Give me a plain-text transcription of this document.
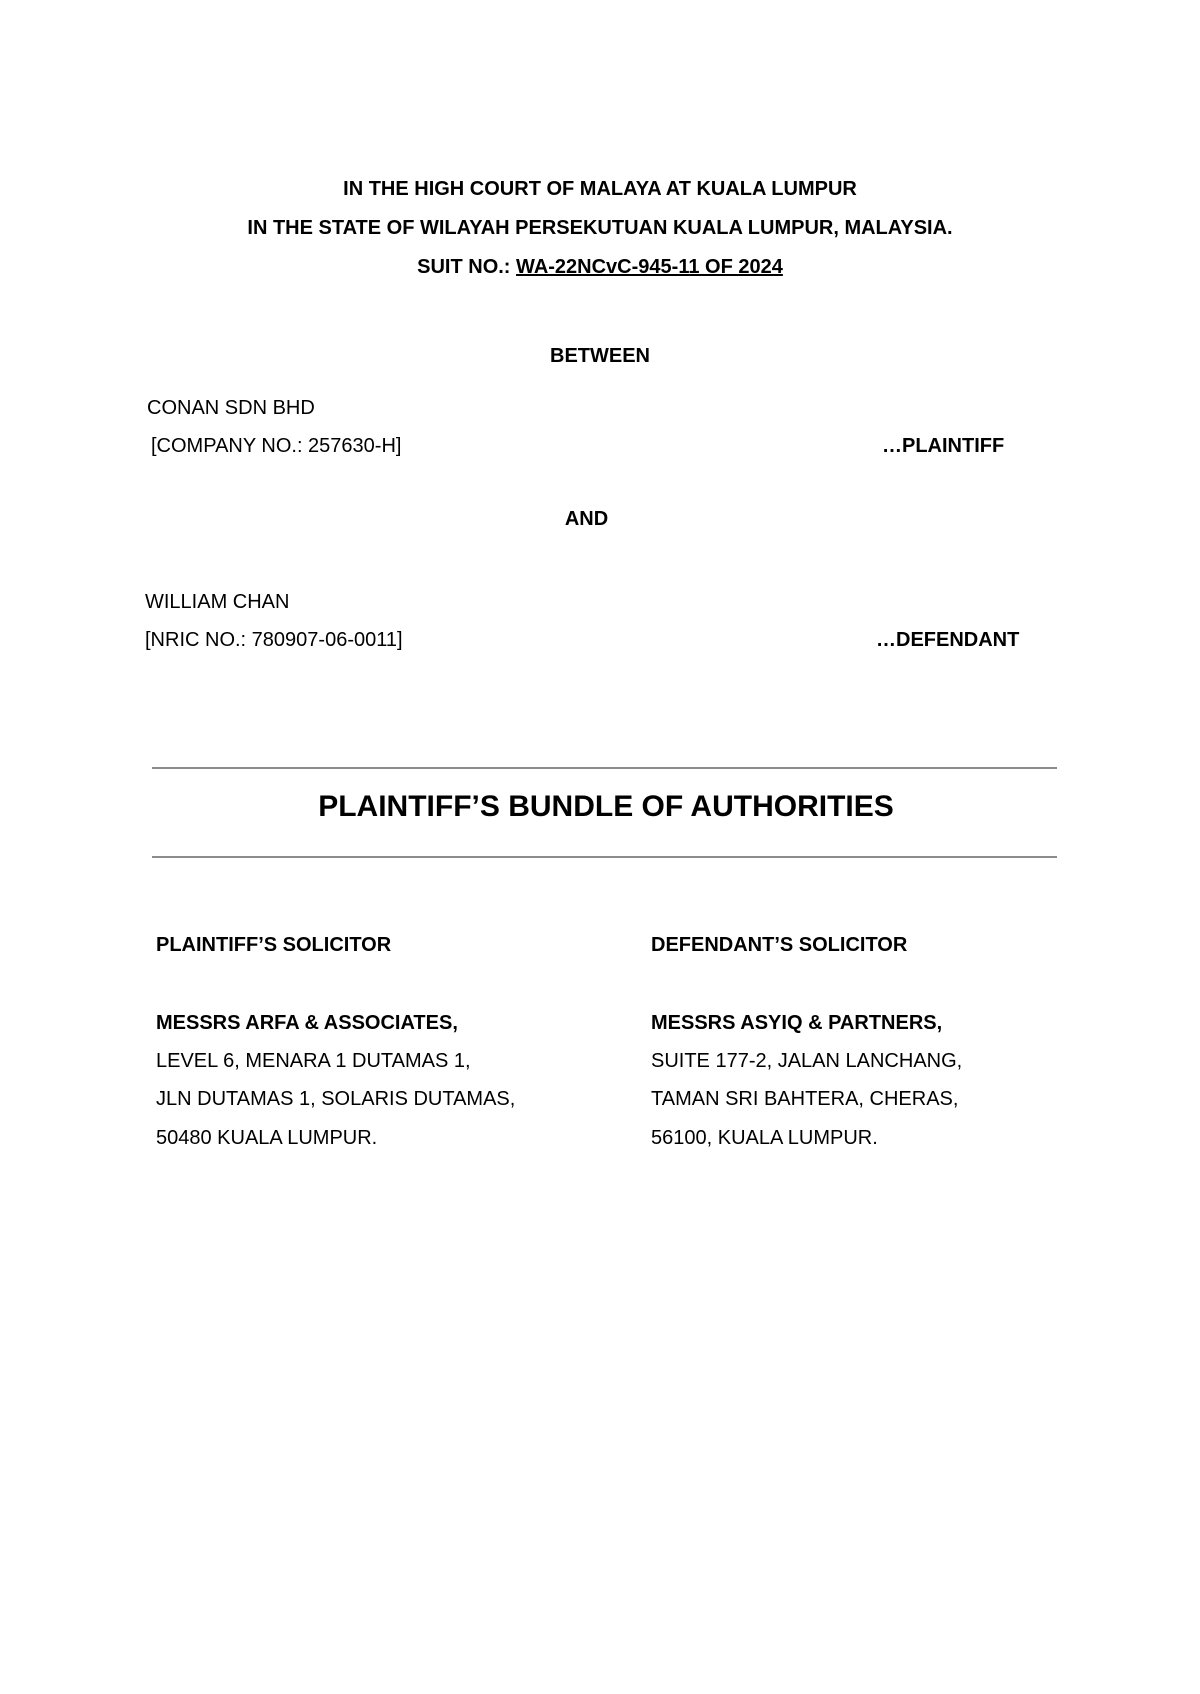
IN THE HIGH COURT OF MALAYA AT KUALA LUMPUR
IN THE STATE OF WILAYAH PERSEKUTUAN KUALA LUMPUR, MALAYSIA.
SUIT NO.: WA-22NCvC-945-11 OF 2024
BETWEEN
CONAN SDN BHD
[COMPANY NO.: 257630-H]	…PLAINTIFF
AND
WILLIAM CHAN
[NRIC NO.: 780907-06-0011]	…DEFENDANT
PLAINTIFF’S BUNDLE OF AUTHORITIES
PLAINTIFF’S SOLICITOR
MESSRS ARFA & ASSOCIATES,
LEVEL 6, MENARA 1 DUTAMAS 1,
JLN DUTAMAS 1, SOLARIS DUTAMAS,
50480 KUALA LUMPUR.
DEFENDANT’S SOLICITOR
MESSRS ASYIQ & PARTNERS,
SUITE 177-2, JALAN LANCHANG,
TAMAN SRI BAHTERA, CHERAS,
56100, KUALA LUMPUR.
